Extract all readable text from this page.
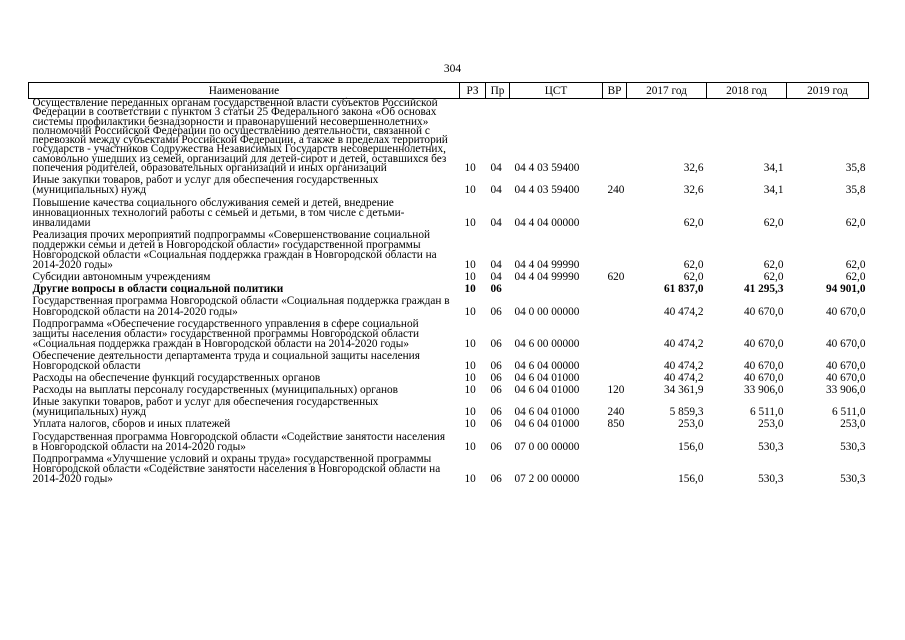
304
Наименование	РЗ	Пр	ЦСТ	ВР	2017 год	2018 год	2019 год
Осуществление переданных органам государственной власти субъектов Российской Федерации в соответствии с пунктом 3 статьи 25 Федерального закона «Об основах системы профилактики безнадзорности и правонарушений несовершеннолетних» полномочий Российской Федерации по осуществлению деятельности, связанной с перевозкой между субъектами Российской Федерации, а также в пределах территорий государств - участников Содружества Независимых Государств несовершеннолетних, самовольно ушедших из семей, организаций для детей-сирот и детей, оставшихся без попечения родителей, образовательных организаций и иных организаций	10	04	04 4 03 59400		32,6	34,1	35,8
Иные закупки товаров, работ и услуг для обеспечения государственных (муниципальных) нужд	10	04	04 4 03 59400	240	32,6	34,1	35,8
Повышение качества социального обслуживания семей и детей, внедрение инновационных технологий работы с семьей и детьми, в том числе с детьми-инвалидами	10	04	04 4 04 00000		62,0	62,0	62,0
Реализация прочих мероприятий подпрограммы «Совершенствование социальной поддержки семьи и детей в Новгородской области» государственной программы Новгородской области «Социальная поддержка граждан в Новгородской области на 2014-2020 годы»	10	04	04 4 04 99990		62,0	62,0	62,0
Субсидии автономным учреждениям	10	04	04 4 04 99990	620	62,0	62,0	62,0
Другие вопросы в области социальной политики	10	06			61 837,0	41 295,3	94 901,0
Государственная программа Новгородской области «Социальная поддержка граждан в Новгородской области на 2014-2020 годы»	10	06	04 0 00 00000		40 474,2	40 670,0	40 670,0
Подпрограмма «Обеспечение государственного управления в сфере социальной защиты населения области» государственной программы Новгородской области «Социальная поддержка граждан в Новгородской области на 2014-2020 годы»	10	06	04 6 00 00000		40 474,2	40 670,0	40 670,0
Обеспечение деятельности департамента труда и социальной защиты населения Новгородской области	10	06	04 6 04 00000		40 474,2	40 670,0	40 670,0
Расходы на обеспечение функций государственных органов	10	06	04 6 04 01000		40 474,2	40 670,0	40 670,0
Расходы на выплаты персоналу государственных (муниципальных) органов	10	06	04 6 04 01000	120	34 361,9	33 906,0	33 906,0
Иные закупки товаров, работ и услуг для обеспечения государственных (муниципальных) нужд	10	06	04 6 04 01000	240	5 859,3	6 511,0	6 511,0
Уплата налогов, сборов и иных платежей	10	06	04 6 04 01000	850	253,0	253,0	253,0
Государственная программа Новгородской области «Содействие занятости населения в Новгородской области на 2014-2020 годы»	10	06	07 0 00 00000		156,0	530,3	530,3
Подпрограмма «Улучшение условий и охраны труда» государственной программы Новгородской области «Содействие занятости населения в Новгородской области на 2014-2020 годы»	10	06	07 2 00 00000		156,0	530,3	530,3
